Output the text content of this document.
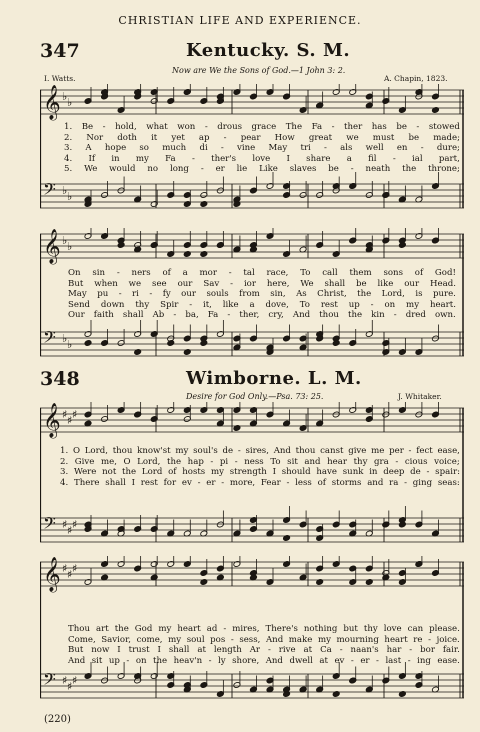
CHRISTIAN LIFE AND EXPERIENCE.
347	Kentucky. S. M.
Now are We the Sons of God.—1 John 3: 2.
I. Watts.	A. Chapin, 1823.
𝄞 ♭ ♭
𝄢 ♭ ♭
1. Be - hold, what won - drous grace The Fa - ther has be - stowed
2. Nor doth it yet ap - pear How great we must be made;
3. A hope so much di - vine May tri - als well en - dure;
4. If in my Fa - ther's love I share a fil - ial part,
5. We would no long - er lie Like slaves be - neath the throne;
𝄞 ♭ ♭
𝄢 ♭ ♭
On sin - ners of a mor - tal race, To call them sons of God!
But when we see our Sav - ior here, We shall be like our Head.
May pu - ri - fy our souls from sin, As Christ, the Lord, is pure.
Send down thy Spir - it, like a dove, To rest up - on my heart.
Our faith shall Ab - ba, Fa - ther, cry, And thou the kin - dred own.
348	Wimborne. L. M.
Desire for God Only.—Psa. 73: 25.	J. Whitaker.
𝄞 ♯ ♯ ♯
𝄢 ♯ ♯ ♯
1. O Lord, thou know'st my soul's de - sires, And thou canst give me per - fect ease,
2. Give me, O Lord, the hap - pi - ness To sit and hear thy gra - cious voice;
3. Were not the Lord of hosts my strength I should have sunk in deep de - spair:
4. There shall I rest for ev - er - more, Fear - less of storms and ra - ging seas:
𝄞 ♯ ♯ ♯
𝄢 ♯ ♯ ♯
Thou art the God my heart ad - mires, There's nothing but thy love can please.
Come, Savior, come, my soul pos - sess, And make my mourning heart re - joice.
But now I trust I shall at length Ar - rive at Ca - naan's har - bor fair.
And sit up - on the heav'n - ly shore, And dwell at ev - er - last - ing ease.
(220)
